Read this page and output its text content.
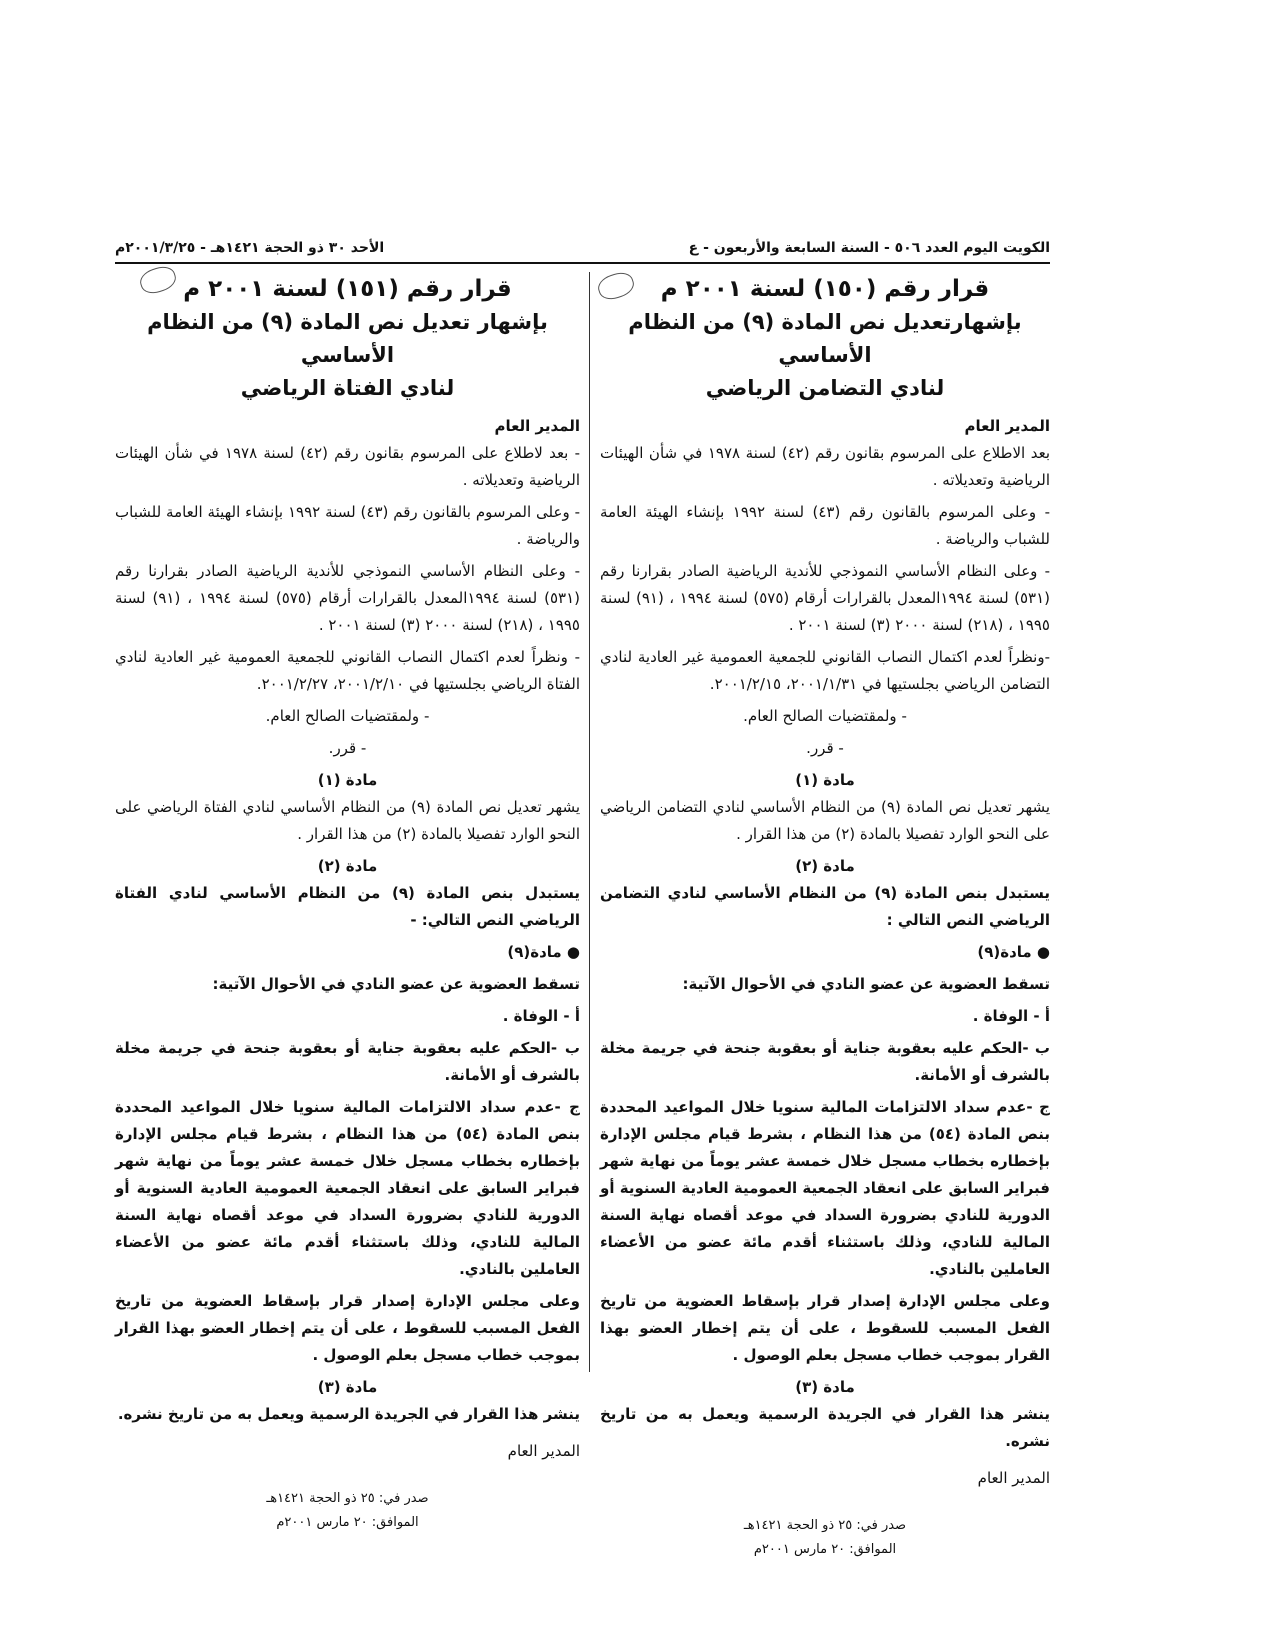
الكويت اليوم العدد ٥٠٦ - السنة السابعة والأربعون - ع
الأحد ٣٠ ذو الحجة ١٤٢١هـ - ٢٠٠١/٣/٢٥م

قرار رقم (١٥٠) لسنة ٢٠٠١ م

بإشهارتعديل نص المادة (٩) من النظام الأساسي

لنادي التضامن الرياضي

المدير العام

بعد الاطلاع على المرسوم بقانون رقم (٤٢) لسنة ١٩٧٨ في شأن الهيئات الرياضية وتعديلاته .

- وعلى المرسوم بالقانون رقم (٤٣) لسنة ١٩٩٢ بإنشاء الهيئة العامة للشباب والرياضة .

- وعلى النظام الأساسي النموذجي للأندية الرياضية الصادر بقرارنا رقم (٥٣١) لسنة ١٩٩٤المعدل بالقرارات أرقام (٥٧٥) لسنة ١٩٩٤ ، (٩١) لسنة ١٩٩٥ ، (٢١٨) لسنة ٢٠٠٠ (٣) لسنة ٢٠٠١ .

-ونظراً لعدم اكتمال النصاب القانوني للجمعية العمومية غير العادية لنادي التضامن الرياضي بجلستيها في ٢٠٠١/١/٣١، ٢٠٠١/٢/١٥.

- ولمقتضيات الصالح العام.

- قرر.

مادة (١)

يشهر تعديل نص المادة (٩) من النظام الأساسي لنادي التضامن الرياضي على النحو الوارد تفصيلا بالمادة (٢) من هذا القرار .

مادة (٢)

يستبدل بنص المادة (٩) من النظام الأساسي لنادي التضامن الرياضي النص التالي :

● مادة(٩)

تسقط العضوية عن عضو النادي في الأحوال الآتية:

أ - الوفاة .

ب -الحكم عليه بعقوبة جناية أو بعقوبة جنحة في جريمة مخلة بالشرف أو الأمانة.

ج -عدم سداد الالتزامات المالية سنويا خلال المواعيد المحددة بنص المادة (٥٤) من هذا النظام ، بشرط قيام مجلس الإدارة بإخطاره بخطاب مسجل خلال خمسة عشر يوماً من نهاية شهر فبراير السابق على انعقاد الجمعية العمومية العادية السنوية أو الدورية للنادي بضرورة السداد في موعد أقصاه نهاية السنة المالية للنادي، وذلك باستثناء أقدم مائة عضو من الأعضاء العاملين بالنادي.

وعلى مجلس الإدارة إصدار قرار بإسقاط العضوية من تاريخ الفعل المسبب للسقوط ، على أن يتم إخطار العضو بهذا القرار بموجب خطاب مسجل بعلم الوصول .

مادة (٣)

ينشر هذا القرار في الجريدة الرسمية ويعمل به من تاريخ نشره.

المدير العام

صدر في: ٢٥ ذو الحجة ١٤٢١هـ
الموافق: ٢٠ مارس ٢٠٠١م

قرار رقم (١٥١) لسنة ٢٠٠١ م

بإشهار تعديل نص المادة (٩) من النظام الأساسي

لنادي الفتاة الرياضي

المدير العام

- بعد لاطلاع على المرسوم بقانون رقم (٤٢) لسنة ١٩٧٨ في شأن الهيئات الرياضية وتعديلاته .

- وعلى المرسوم بالقانون رقم (٤٣) لسنة ١٩٩٢ بإنشاء الهيئة العامة للشباب والرياضة .

- وعلى النظام الأساسي النموذجي للأندية الرياضية الصادر بقرارنا رقم (٥٣١) لسنة ١٩٩٤المعدل بالقرارات أرقام (٥٧٥) لسنة ١٩٩٤ ، (٩١) لسنة ١٩٩٥ ، (٢١٨) لسنة ٢٠٠٠ (٣) لسنة ٢٠٠١ .

- ونظراً لعدم اكتمال النصاب القانوني للجمعية العمومية غير العادية لنادي الفتاة الرياضي بجلستيها في ٢٠٠١/٢/١٠، ٢٠٠١/٢/٢٧.

- ولمقتضيات الصالح العام.

- قرر.

مادة (١)

يشهر تعديل نص المادة (٩) من النظام الأساسي لنادي الفتاة الرياضي على النحو الوارد تفصيلا بالمادة (٢) من هذا القرار .

مادة (٢)

يستبدل بنص المادة (٩) من النظام الأساسي لنادي الفتاة الرياضي النص التالي: -

● مادة(٩)

تسقط العضوية عن عضو النادي في الأحوال الآتية:

أ - الوفاة .

ب -الحكم عليه بعقوبة جناية أو بعقوبة جنحة في جريمة مخلة بالشرف أو الأمانة.

ج -عدم سداد الالتزامات المالية سنويا خلال المواعيد المحددة بنص المادة (٥٤) من هذا النظام ، بشرط قيام مجلس الإدارة بإخطاره بخطاب مسجل خلال خمسة عشر يوماً من نهاية شهر فبراير السابق على انعقاد الجمعية العمومية العادية السنوية أو الدورية للنادي بضرورة السداد في موعد أقصاه نهاية السنة المالية للنادي، وذلك باستثناء أقدم مائة عضو من الأعضاء العاملين بالنادي.

وعلى مجلس الإدارة إصدار قرار بإسقاط العضوية من تاريخ الفعل المسبب للسقوط ، على أن يتم إخطار العضو بهذا القرار بموجب خطاب مسجل بعلم الوصول .

مادة (٣)

ينشر هذا القرار في الجريدة الرسمية ويعمل به من تاريخ نشره.

المدير العام

صدر في: ٢٥ ذو الحجة ١٤٢١هـ
الموافق: ٢٠ مارس ٢٠٠١م
